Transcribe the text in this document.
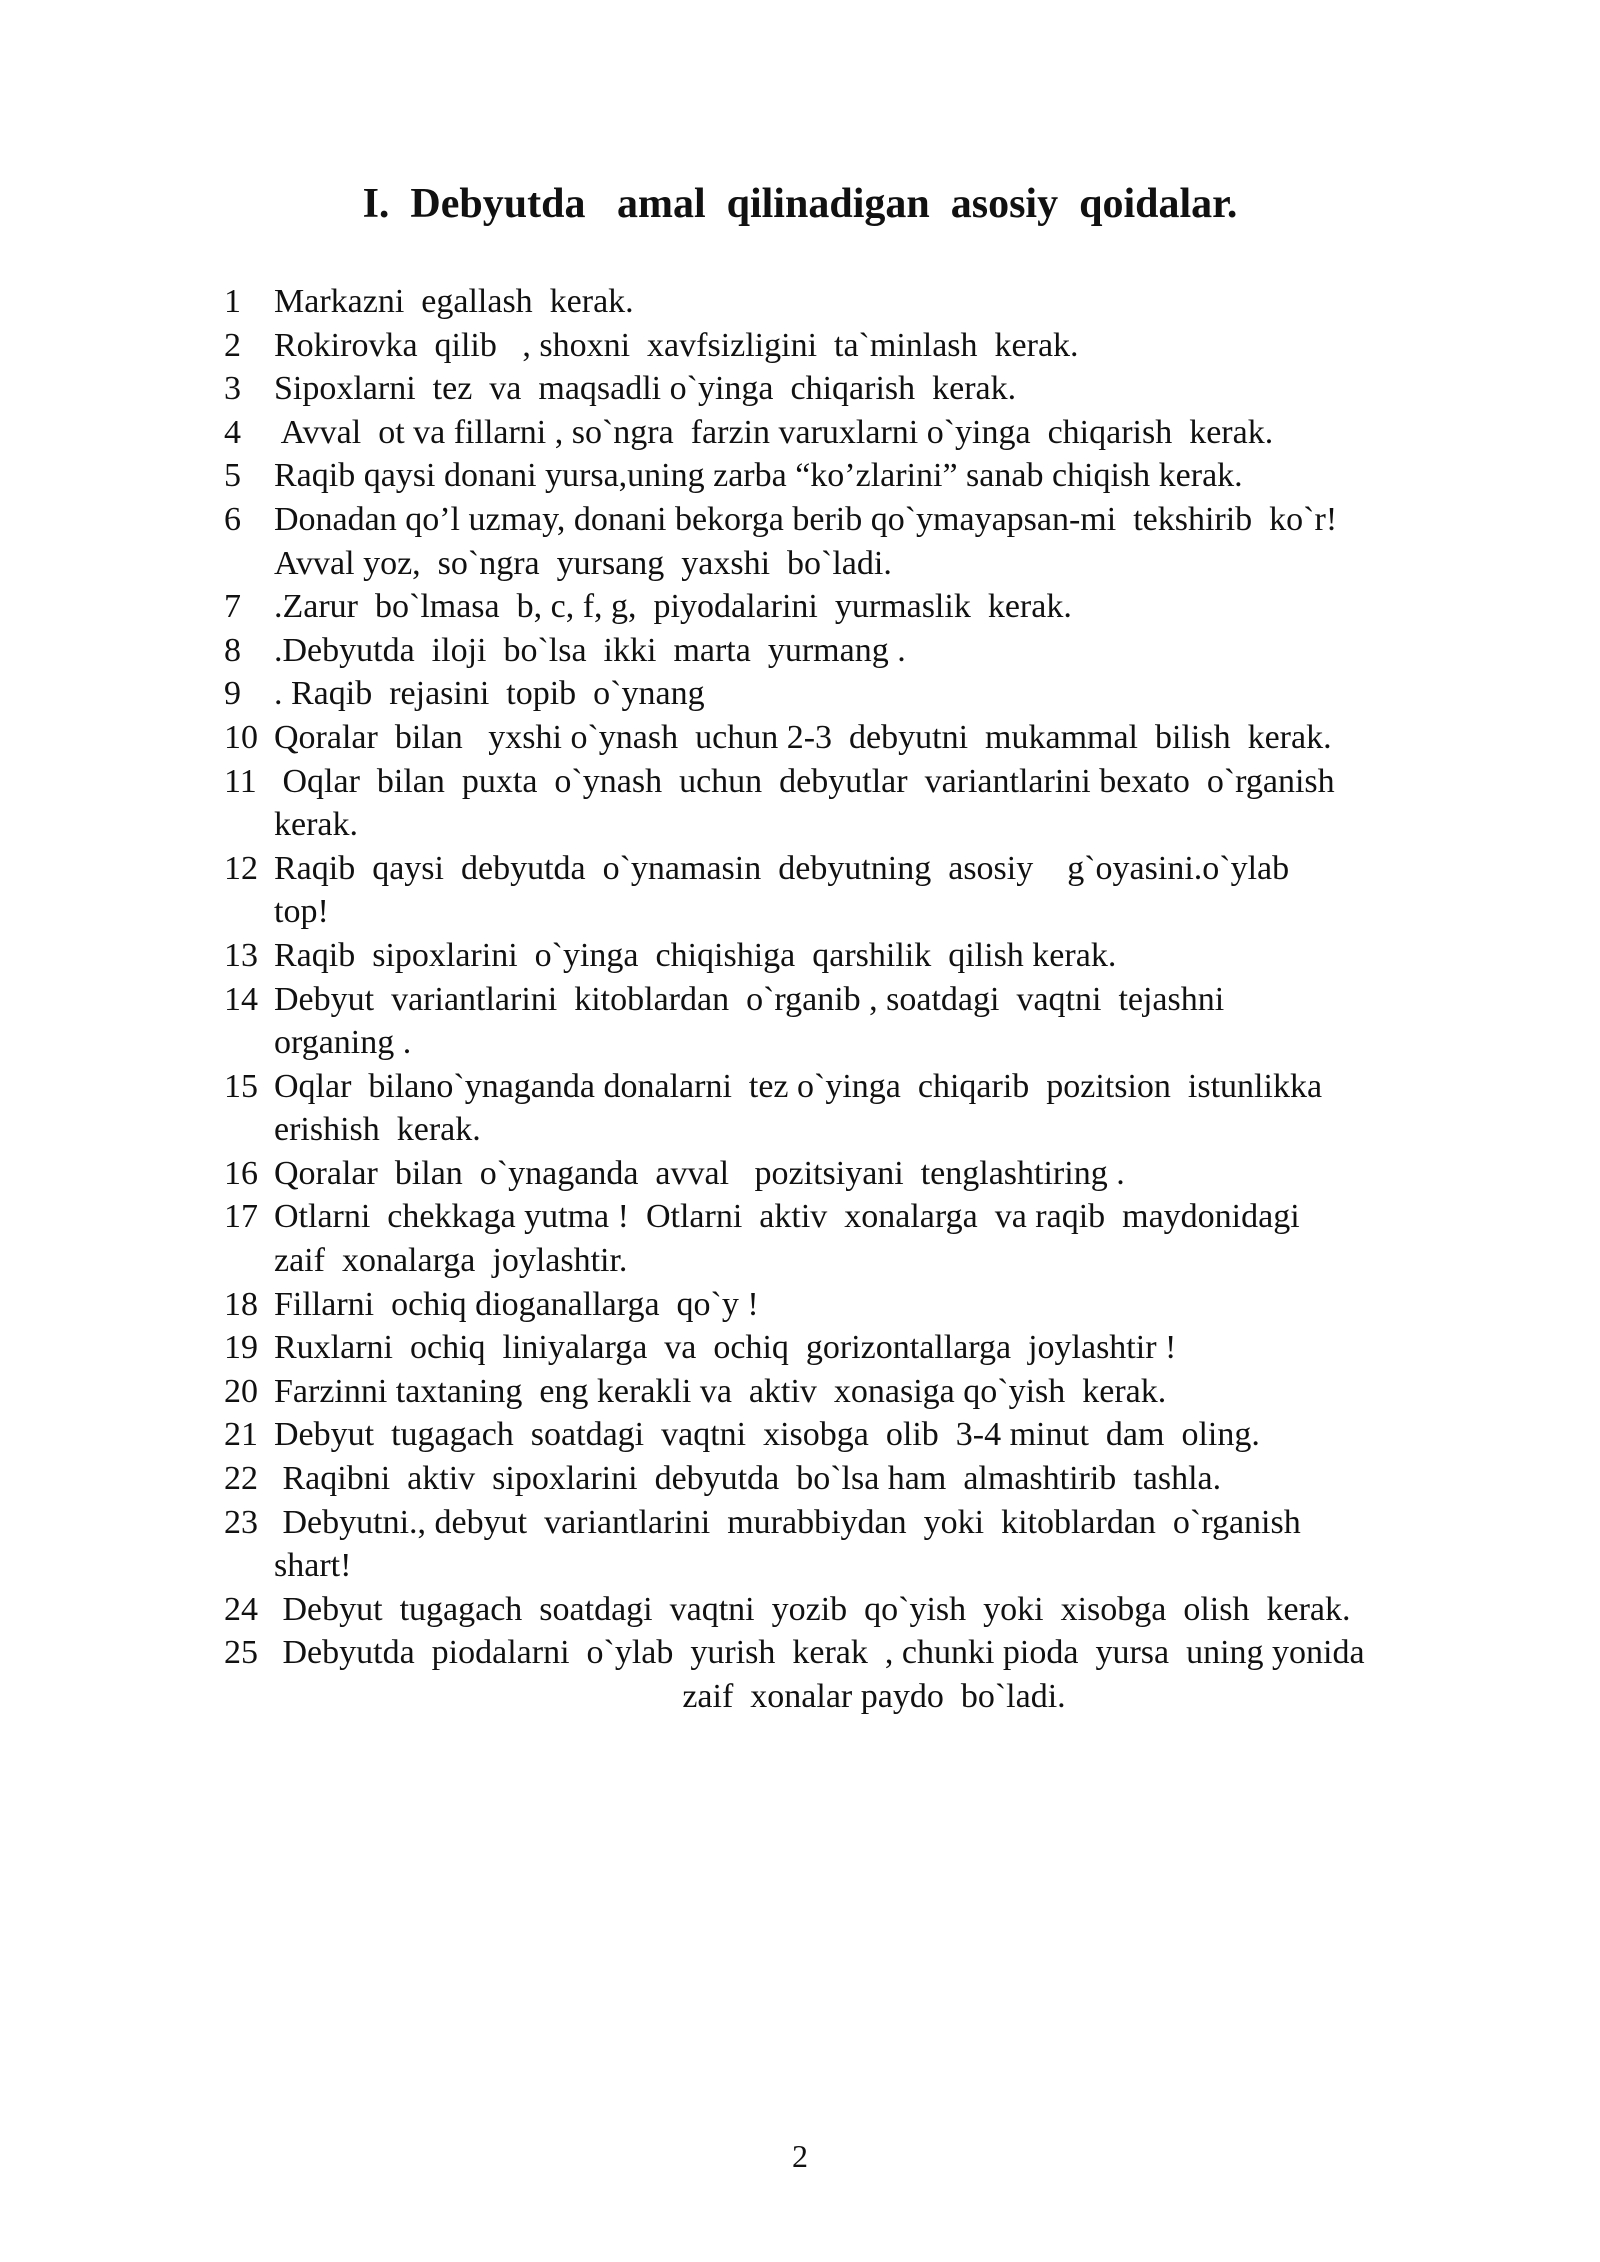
I.  Debyutda   amal  qilinadigan  asosiy  qoidalar.
1 Markazni  egallash  kerak.
2 Rokirovka  qilib   , shoxni  xavfsizligini  ta`minlash  kerak.
3 Sipoxlarni  tez  va  maqsadli o`yinga  chiqarish  kerak.
4 Avval  ot va fillarni , so`ngra  farzin varuxlarni o`yinga  chiqarish  kerak.
5 Raqib qaysi donani yursa,uning zarba “ko’zlarini” sanab chiqish kerak.
6 Donadan qo’l uzmay, donani bekorga berib qo`ymayapsan-mi  tekshirib  ko`r!
Avval yoz,  so`ngra  yursang  yaxshi  bo`ladi.
7 .Zarur  bo`lmasa  b, c, f, g,  piyodalarini  yurmaslik  kerak.
8 .Debyutda  iloji  bo`lsa  ikki  marta  yurmang .
9 . Raqib  rejasini  topib  o`ynang
10 Qoralar  bilan   yxshi o`ynash  uchun 2-3  debyutni  mukammal  bilish  kerak.
11 Oqlar  bilan  puxta  o`ynash  uchun  debyutlar  variantlarini bexato  o`rganish
kerak.
12 Raqib  qaysi  debyutda  o`ynamasin  debyutning  asosiy    g`oyasini.o`ylab
top!
13 Raqib  sipoxlarini  o`yinga  chiqishiga  qarshilik  qilish kerak.
14 Debyut  variantlarini  kitoblardan  o`rganib , soatdagi  vaqtni  tejashni
organing .
15 Oqlar  bilano`ynaganda donalarni  tez o`yinga  chiqarib  pozitsion  istunlikka
erishish  kerak.
16 Qoralar  bilan  o`ynaganda  avval   pozitsiyani  tenglashtiring .
17 Otlarni  chekkaga yutma !  Otlarni  aktiv  xonalarga  va raqib  maydonidagi
zaif  xonalarga  joylashtir.
18 Fillarni  ochiq dioganallarga  qo`y !
19 Ruxlarni  ochiq  liniyalarga  va  ochiq  gorizontallarga  joylashtir !
20 Farzinni taxtaning  eng kerakli va  aktiv  xonasiga qo`yish  kerak.
21 Debyut  tugagach  soatdagi  vaqtni  xisobga  olib  3-4 minut  dam  oling.
22 Raqibni  aktiv  sipoxlarini  debyutda  bo`lsa ham  almashtirib  tashla.
23 Debyutni., debyut  variantlarini  murabbiydan  yoki  kitoblardan  o`rganish
shart!
24 Debyut  tugagach  soatdagi  vaqtni  yozib  qo`yish  yoki  xisobga  olish  kerak.
25 Debyutda  piodalarni  o`ylab  yurish  kerak  , chunki pioda  yursa  uning yonida
zaif  xonalar paydo  bo`ladi.
2
